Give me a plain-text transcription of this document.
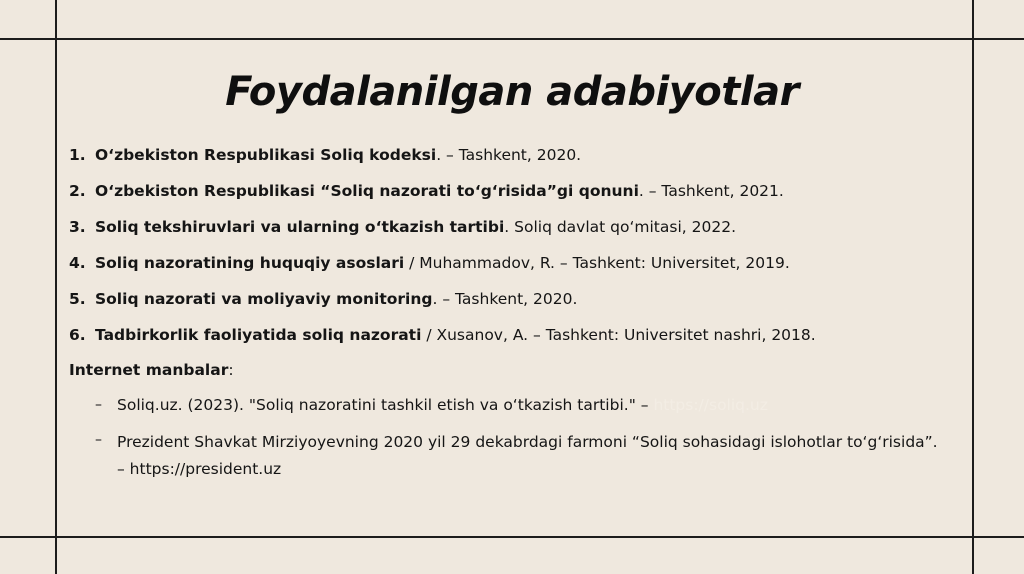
Foydalanilgan adabiyotlar
1. O‘zbekiston Respublikasi Soliq kodeksi. – Tashkent, 2020.
2. O‘zbekiston Respublikasi “Soliq nazorati to‘g‘risida”gi qonuni. – Tashkent, 2021.
3. Soliq tekshiruvlari va ularning o‘tkazish tartibi. Soliq davlat qo‘mitasi, 2022.
4. Soliq nazoratining huquqiy asoslari / Muhammadov, R. – Tashkent: Universitet, 2019.
5. Soliq nazorati va moliyaviy monitoring. – Tashkent, 2020.
6. Tadbirkorlik faoliyatida soliq nazorati / Xusanov, A. – Tashkent: Universitet nashri, 2018.
Internet manbalar:
– Soliq.uz. (2023). "Soliq nazoratini tashkil etish va o‘tkazish tartibi." – https://soliq.uz
– Prezident Shavkat Mirziyoyevning 2020 yil 29 dekabrdagi farmoni “Soliq sohasidagi islohotlar to‘g‘risida”. – https://president.uz
